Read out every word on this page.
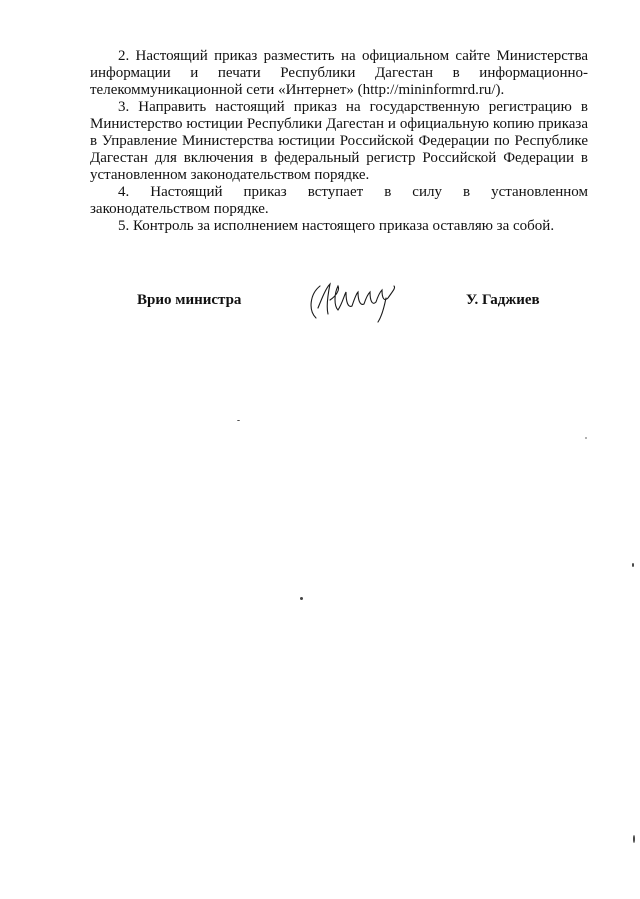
2. Настоящий приказ разместить на официальном сайте Министерства
информации и печати Республики Дагестан в информационно-
телекоммуникационной сети «Интернет» (http://mininformrd.ru/).
3. Направить настоящий приказ на государственную регистрацию в
Министерство юстиции Республики Дагестан и официальную копию приказа
в Управление Министерства юстиции Российской Федерации по Республике
Дагестан для включения в федеральный регистр Российской Федерации в
установленном законодательством порядке.
4. Настоящий приказ вступает в силу в установленном
законодательством порядке.
5. Контроль за исполнением настоящего приказа оставляю за собой.
Врио министра	У. Гаджиев
